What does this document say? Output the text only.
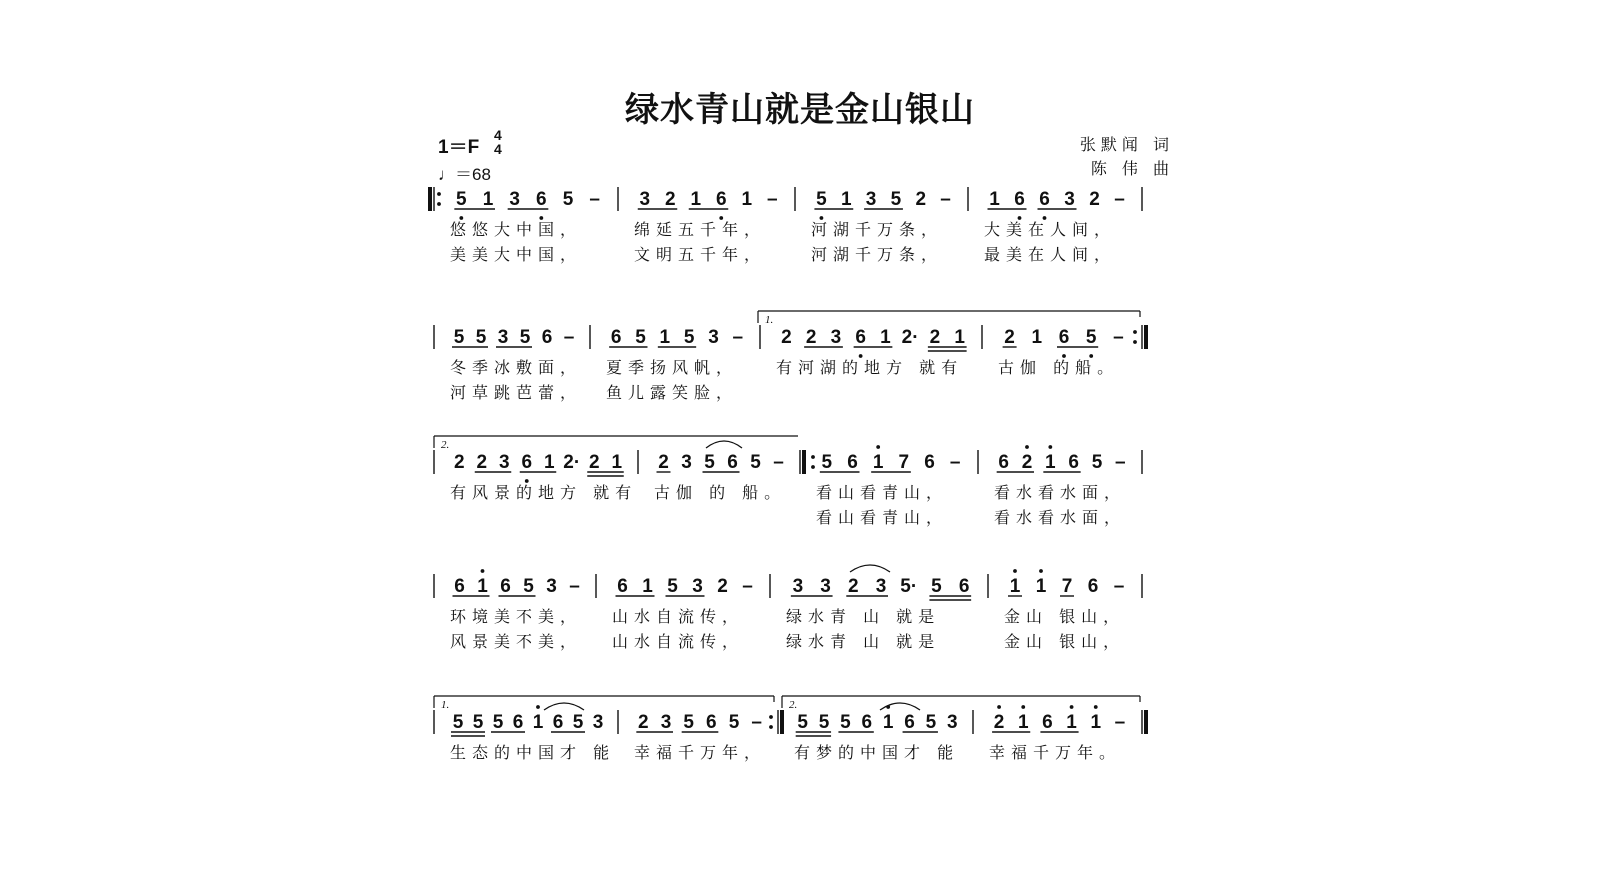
绿水青山就是金山银山
1＝F
4
4
♩＝68
张默闻 词
陈 伟 曲
5 1 3 6 5 – 3 2 1 6 1 – 5 1 3 5 2 – 1 6 6 3 2 –
悠悠大中国，	绵延五千年，	河湖千万条，	大美在人间，
美美大中国，	文明五千年，	河湖千万条，	最美在人间，
1.
5 5 3 5 6 – 6 5 1 5 3 – 2 2 3 6 1 2· 2 1 2 1 6 5 –
冬季冰敷面， 夏季扬风帆， 有河湖的地方 就有 古伽 的船。
河草跳芭蕾， 鱼儿露笑脸，
2.
2 2 3 6 1 2· 2 1 2 3 5 6 5 – 5 6 1 7 6 – 6 2 1 6 5 –
有风景的地方 就有 古伽 的 船。 看山看青山，	看水看水面，
看山看青山，	看水看水面，
6 1 6 5 3 – 6 1 5 3 2 – 3 3 2 3 5· 5 6 1 1 7 6 –
环境美不美， 山水自流传，	绿水青 山 就是	金山 银山，
风景美不美， 山水自流传，	绿水青 山 就是	金山 银山，
1.	2.
5 5 5 6 1 6 5 3 2 3 5 6 5 – 5 5 5 6 1 6 5 3 2 1 6 1 1 –
生态的中国才 能 幸福千万年， 有梦的中国才 能 幸福千万年。
